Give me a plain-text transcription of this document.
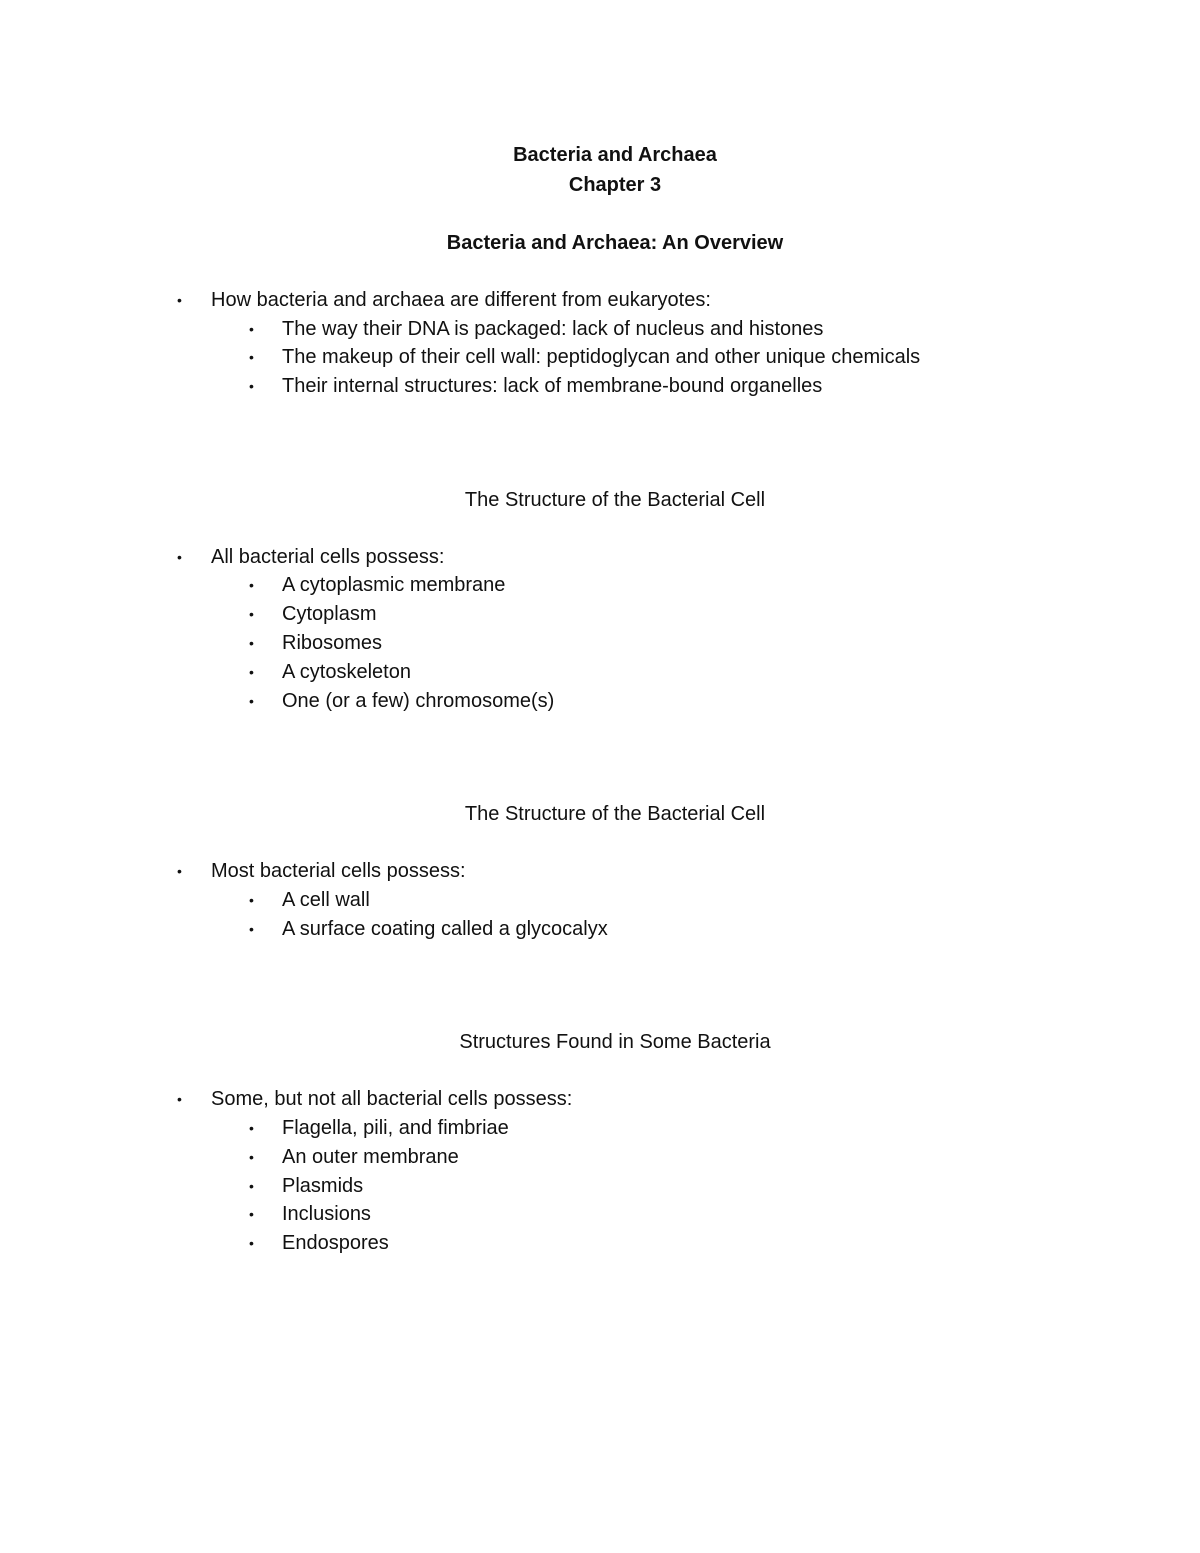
Bacteria and Archaea
Chapter 3
Bacteria and Archaea: An Overview
• How bacteria and archaea are different from eukaryotes:
• The way their DNA is packaged: lack of nucleus and histones
• The makeup of their cell wall: peptidoglycan and other unique chemicals
• Their internal structures: lack of membrane-bound organelles
The Structure of the Bacterial Cell
• All bacterial cells possess:
• A cytoplasmic membrane
• Cytoplasm
• Ribosomes
• A cytoskeleton
• One (or a few) chromosome(s)
The Structure of the Bacterial Cell
• Most bacterial cells possess:
• A cell wall
• A surface coating called a glycocalyx
Structures Found in Some Bacteria
• Some, but not all bacterial cells possess:
• Flagella, pili, and fimbriae
• An outer membrane
• Plasmids
• Inclusions
• Endospores
